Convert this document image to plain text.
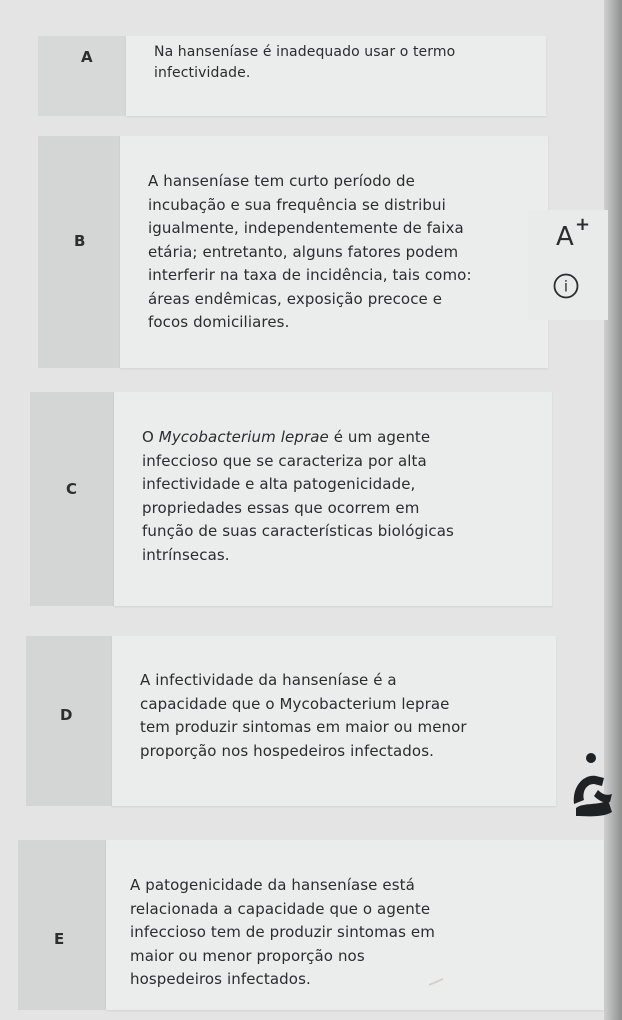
A	Na hanseníase é inadequado usar o termo
infectividade.

B

A hanseníase tem curto período de
incubação e sua frequência se distribui
igualmente, independentemente de faixa
etária; entretanto, alguns fatores podem
interferir na taxa de incidência, tais como:
áreas endêmicas, exposição precoce e
focos domiciliares.

C

O Mycobacterium leprae é um agente
infeccioso que se caracteriza por alta
infectividade e alta patogenicidade,
propriedades essas que ocorrem em
função de suas características biológicas
intrínsecas.

D

A infectividade da hanseníase é a
capacidade que o Mycobacterium leprae
tem produzir sintomas em maior ou menor
proporção nos hospedeiros infectados.

E

A patogenicidade da hanseníase está
relacionada a capacidade que o agente
infeccioso tem de produzir sintomas em
maior ou menor proporção nos
hospedeiros infectados.

A +
i
